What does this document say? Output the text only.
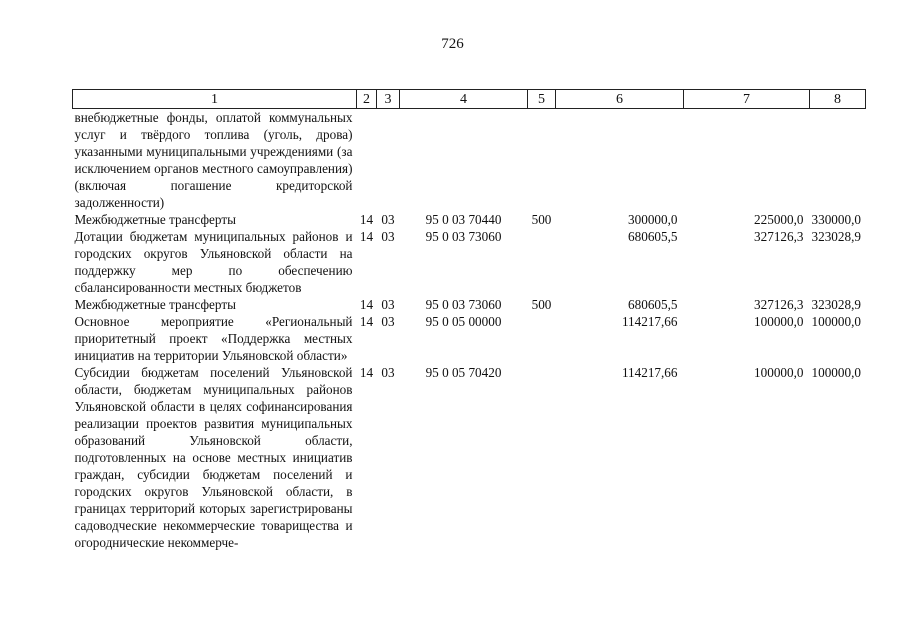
726
1	2	3	4	5	6	7	8
внебюджетные фонды, оплатой коммунальных услуг и твёрдого топлива (уголь, дрова) указанными муниципальными учреждениями (за исключением органов местного самоуправления) (включая погашение кредиторской задолженности)							
Межбюджетные трансферты	14	03	95 0 03 70440	500	300000,0	225000,0	330000,0
Дотации бюджетам муниципальных районов и городских округов Ульяновской области на поддержку мер по обеспечению сбалансированности местных бюджетов	14	03	95 0 03 73060		680605,5	327126,3	323028,9
Межбюджетные трансферты	14	03	95 0 03 73060	500	680605,5	327126,3	323028,9
Основное мероприятие «Региональный приоритетный проект «Поддержка местных инициатив на территории Ульяновской области»	14	03	95 0 05 00000		114217,66	100000,0	100000,0
Субсидии бюджетам поселений Ульяновской области, бюджетам муниципальных районов Ульяновской области в целях софинансирования реализации проектов развития муниципальных образований Ульяновской области, подготовленных на основе местных инициатив граждан, субсидии бюджетам поселений и городских округов Ульяновской области, в границах территорий которых зарегистрированы садоводческие некоммерческие товарищества и огороднические некоммерче-	14	03	95 0 05 70420		114217,66	100000,0	100000,0
